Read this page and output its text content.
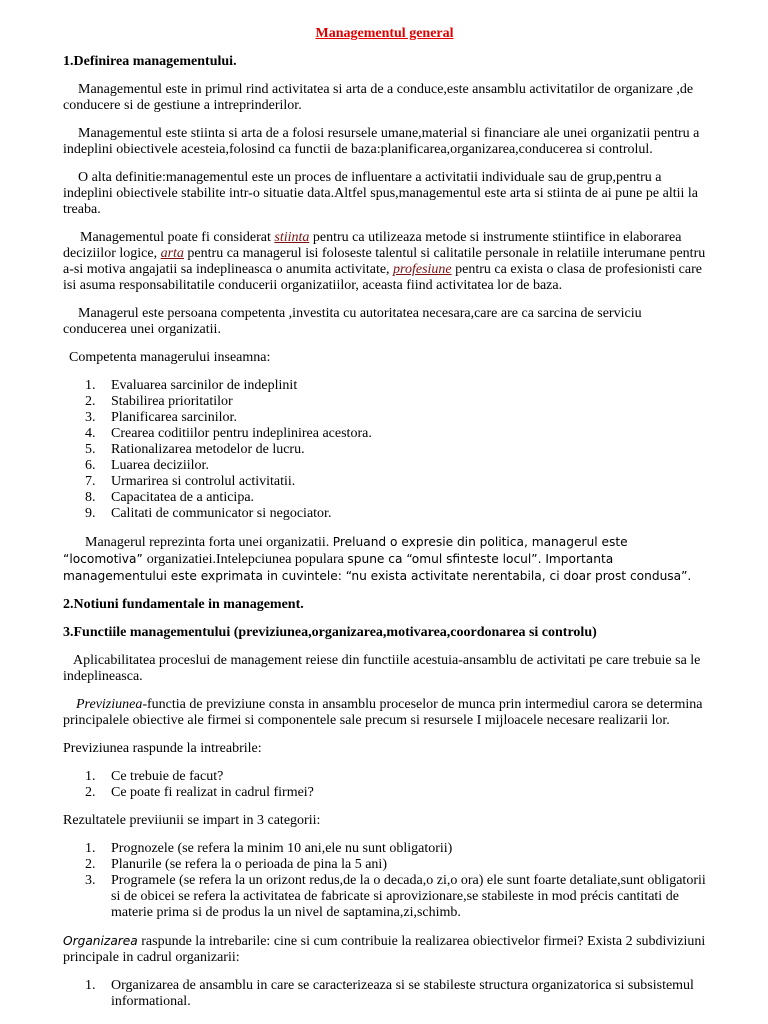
Managementul general
1.Definirea managementului.

Managementul este in primul rind activitatea si arta de a conduce,este ansamblu activitatilor de organizare ,de conducere si de gestiune a intreprinderilor.

Managementul este stiinta si arta de a folosi resursele umane,material si financiare ale unei organizatii pentru a indeplini obiectivele acesteia,folosind ca functii de baza:planificarea,organizarea,conducerea si controlul.

O alta definitie:managementul este un proces de influentare a activitatii individuale sau de grup,pentru a indeplini obiectivele stabilite intr-o situatie data.Altfel spus,managementul este arta si stiinta de ai pune pe altii la treaba.

Managementul poate fi considerat stiinta pentru ca utilizeaza metode si instrumente stiintifice in elaborarea deciziilor logice, arta pentru ca managerul isi foloseste talentul si calitatile personale in relatiile interumane pentru a-si motiva angajatii sa indeplineasca o anumita activitate, profesiune pentru ca exista o clasa de profesionisti care isi asuma responsabilitatile conducerii organizatiilor, aceasta fiind activitatea lor de baza.

Managerul este persoana competenta ,investita cu autoritatea necesara,care are ca sarcina de serviciu conducerea unei organizatii.

Competenta managerului inseamna:

1. Evaluarea sarcinilor de indeplinit
2. Stabilirea prioritatilor
3. Planificarea sarcinilor.
4. Crearea coditiilor pentru indeplinirea acestora.
5. Rationalizarea metodelor de lucru.
6. Luarea deciziilor.
7. Urmarirea si controlul activitatii.
8. Capacitatea de a anticipa.
9. Calitati de communicator si negociator.

Managerul reprezinta forta unei organizatii. Preluand o expresie din politica, managerul este “locomotiva” organizatiei.Intelepciunea populara spune ca “omul sfinteste locul”. Importanta managementului este exprimata in cuvintele: “nu exista activitate nerentabila, ci doar prost condusa”.

2.Notiuni fundamentale in management.
3.Functiile managementului (previziunea,organizarea,motivarea,coordonarea si controlu)

Aplicabilitatea proceslui de management reiese din functiile acestuia-ansamblu de activitati pe care trebuie sa le indeplineasca.

Previziunea-functia de previziune consta in ansamblu proceselor de munca prin intermediul carora se determina principalele obiective ale firmei si componentele sale precum si resursele I mijloacele necesare realizarii lor.

Previziunea raspunde la intreabrile:

1. Ce trebuie de facut?
2. Ce poate fi realizat in cadrul firmei?

Rezultatele previiunii se impart in 3 categorii:

1. Prognozele (se refera la minim 10 ani,ele nu sunt obligatorii)
2. Planurile (se refera la o perioada de pina la 5 ani)
3. Programele (se refera la un orizont redus,de la o decada,o zi,o ora) ele sunt foarte detaliate,sunt obligatorii si de obicei se refera la activitatea de fabricate si aprovizionare,se stabileste in mod précis cantitati de materie prima si de produs la un nivel de saptamina,zi,schimb.

Organizarea raspunde la intrebarile: cine si cum contribuie la realizarea obiectivelor firmei? Exista 2 subdiviziuni principale in cadrul organizarii:

1. Organizarea de ansamblu in care se caracterizeaza si se stabileste structura organizatorica si subsistemul informational.
